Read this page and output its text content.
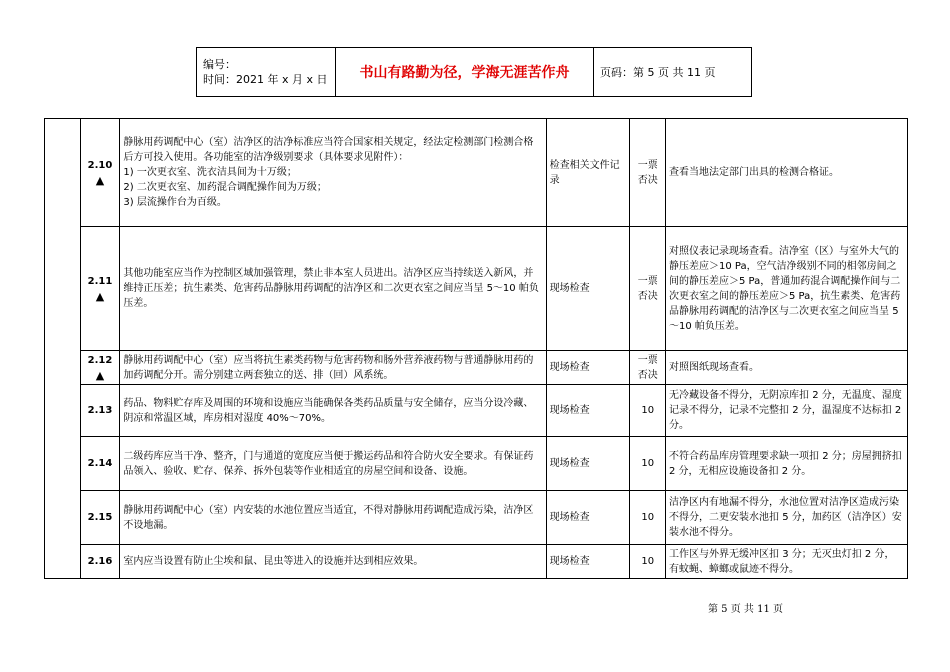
编号：
时间：2021 年 x 月 x 日	书山有路勤为径，学海无涯苦作舟	页码：第 5 页 共 11 页

	2.10
▲	静脉用药调配中心（室）洁净区的洁净标准应当符合国家相关规定，经法定检测部门检测合格后方可投入使用。各功能室的洁净级别要求（具体要求见附件）：
1) 一次更衣室、洗衣洁具间为十万级；
2) 二次更衣室、加药混合调配操作间为万级；
3) 层流操作台为百级。	检查相关文件记录	一票否决	查看当地法定部门出具的检测合格证。

	2.11
▲	其他功能室应当作为控制区域加强管理，禁止非本室人员进出。洁净区应当持续送入新风，并维持正压差；抗生素类、危害药品静脉用药调配的洁净区和二次更衣室之间应当呈 5～10 帕负压差。	现场检查	一票否决	对照仪表记录现场查看。洁净室（区）与室外大气的静压差应＞10 Pa，空气洁净级别不同的相邻房间之间的静压差应＞5 Pa，普通加药混合调配操作间与二次更衣室之间的静压差应＞5 Pa，抗生素类、危害药品静脉用药调配的洁净区与二次更衣室之间应当呈 5～10 帕负压差。

	2.12
▲	静脉用药调配中心（室）应当将抗生素类药物与危害药物和肠外营养液药物与普通静脉用药的加药调配分开。需分别建立两套独立的送、排（回）风系统。	现场检查	一票否决	对照图纸现场查看。

	2.13	药品、物料贮存库及周围的环境和设施应当能确保各类药品质量与安全储存，应当分设冷藏、阴凉和常温区域，库房相对湿度 40%～70%。	现场检查	10	无冷藏设备不得分，无阴凉库扣 2 分，无温度、湿度记录不得分，记录不完整扣 2 分，温湿度不达标扣 2 分。

	2.14	二级药库应当干净、整齐，门与通道的宽度应当便于搬运药品和符合防火安全要求。有保证药品领入、验收、贮存、保养、拆外包装等作业相适宜的房屋空间和设备、设施。	现场检查	10	不符合药品库房管理要求缺一项扣 2 分；房屋拥挤扣 2 分，无相应设施设备扣 2 分。

	2.15	静脉用药调配中心（室）内安装的水池位置应当适宜，不得对静脉用药调配造成污染，洁净区不设地漏。	现场检查	10	洁净区内有地漏不得分，水池位置对洁净区造成污染不得分，二更安装水池扣 5 分，加药区（洁净区）安装水池不得分。

	2.16	室内应当设置有防止尘埃和鼠、昆虫等进入的设施并达到相应效果。	现场检查	10	工作区与外界无缓冲区扣 3 分；无灭虫灯扣 2 分，有蚊蝇、蟑螂或鼠迹不得分。
第 5 页 共 11 页
